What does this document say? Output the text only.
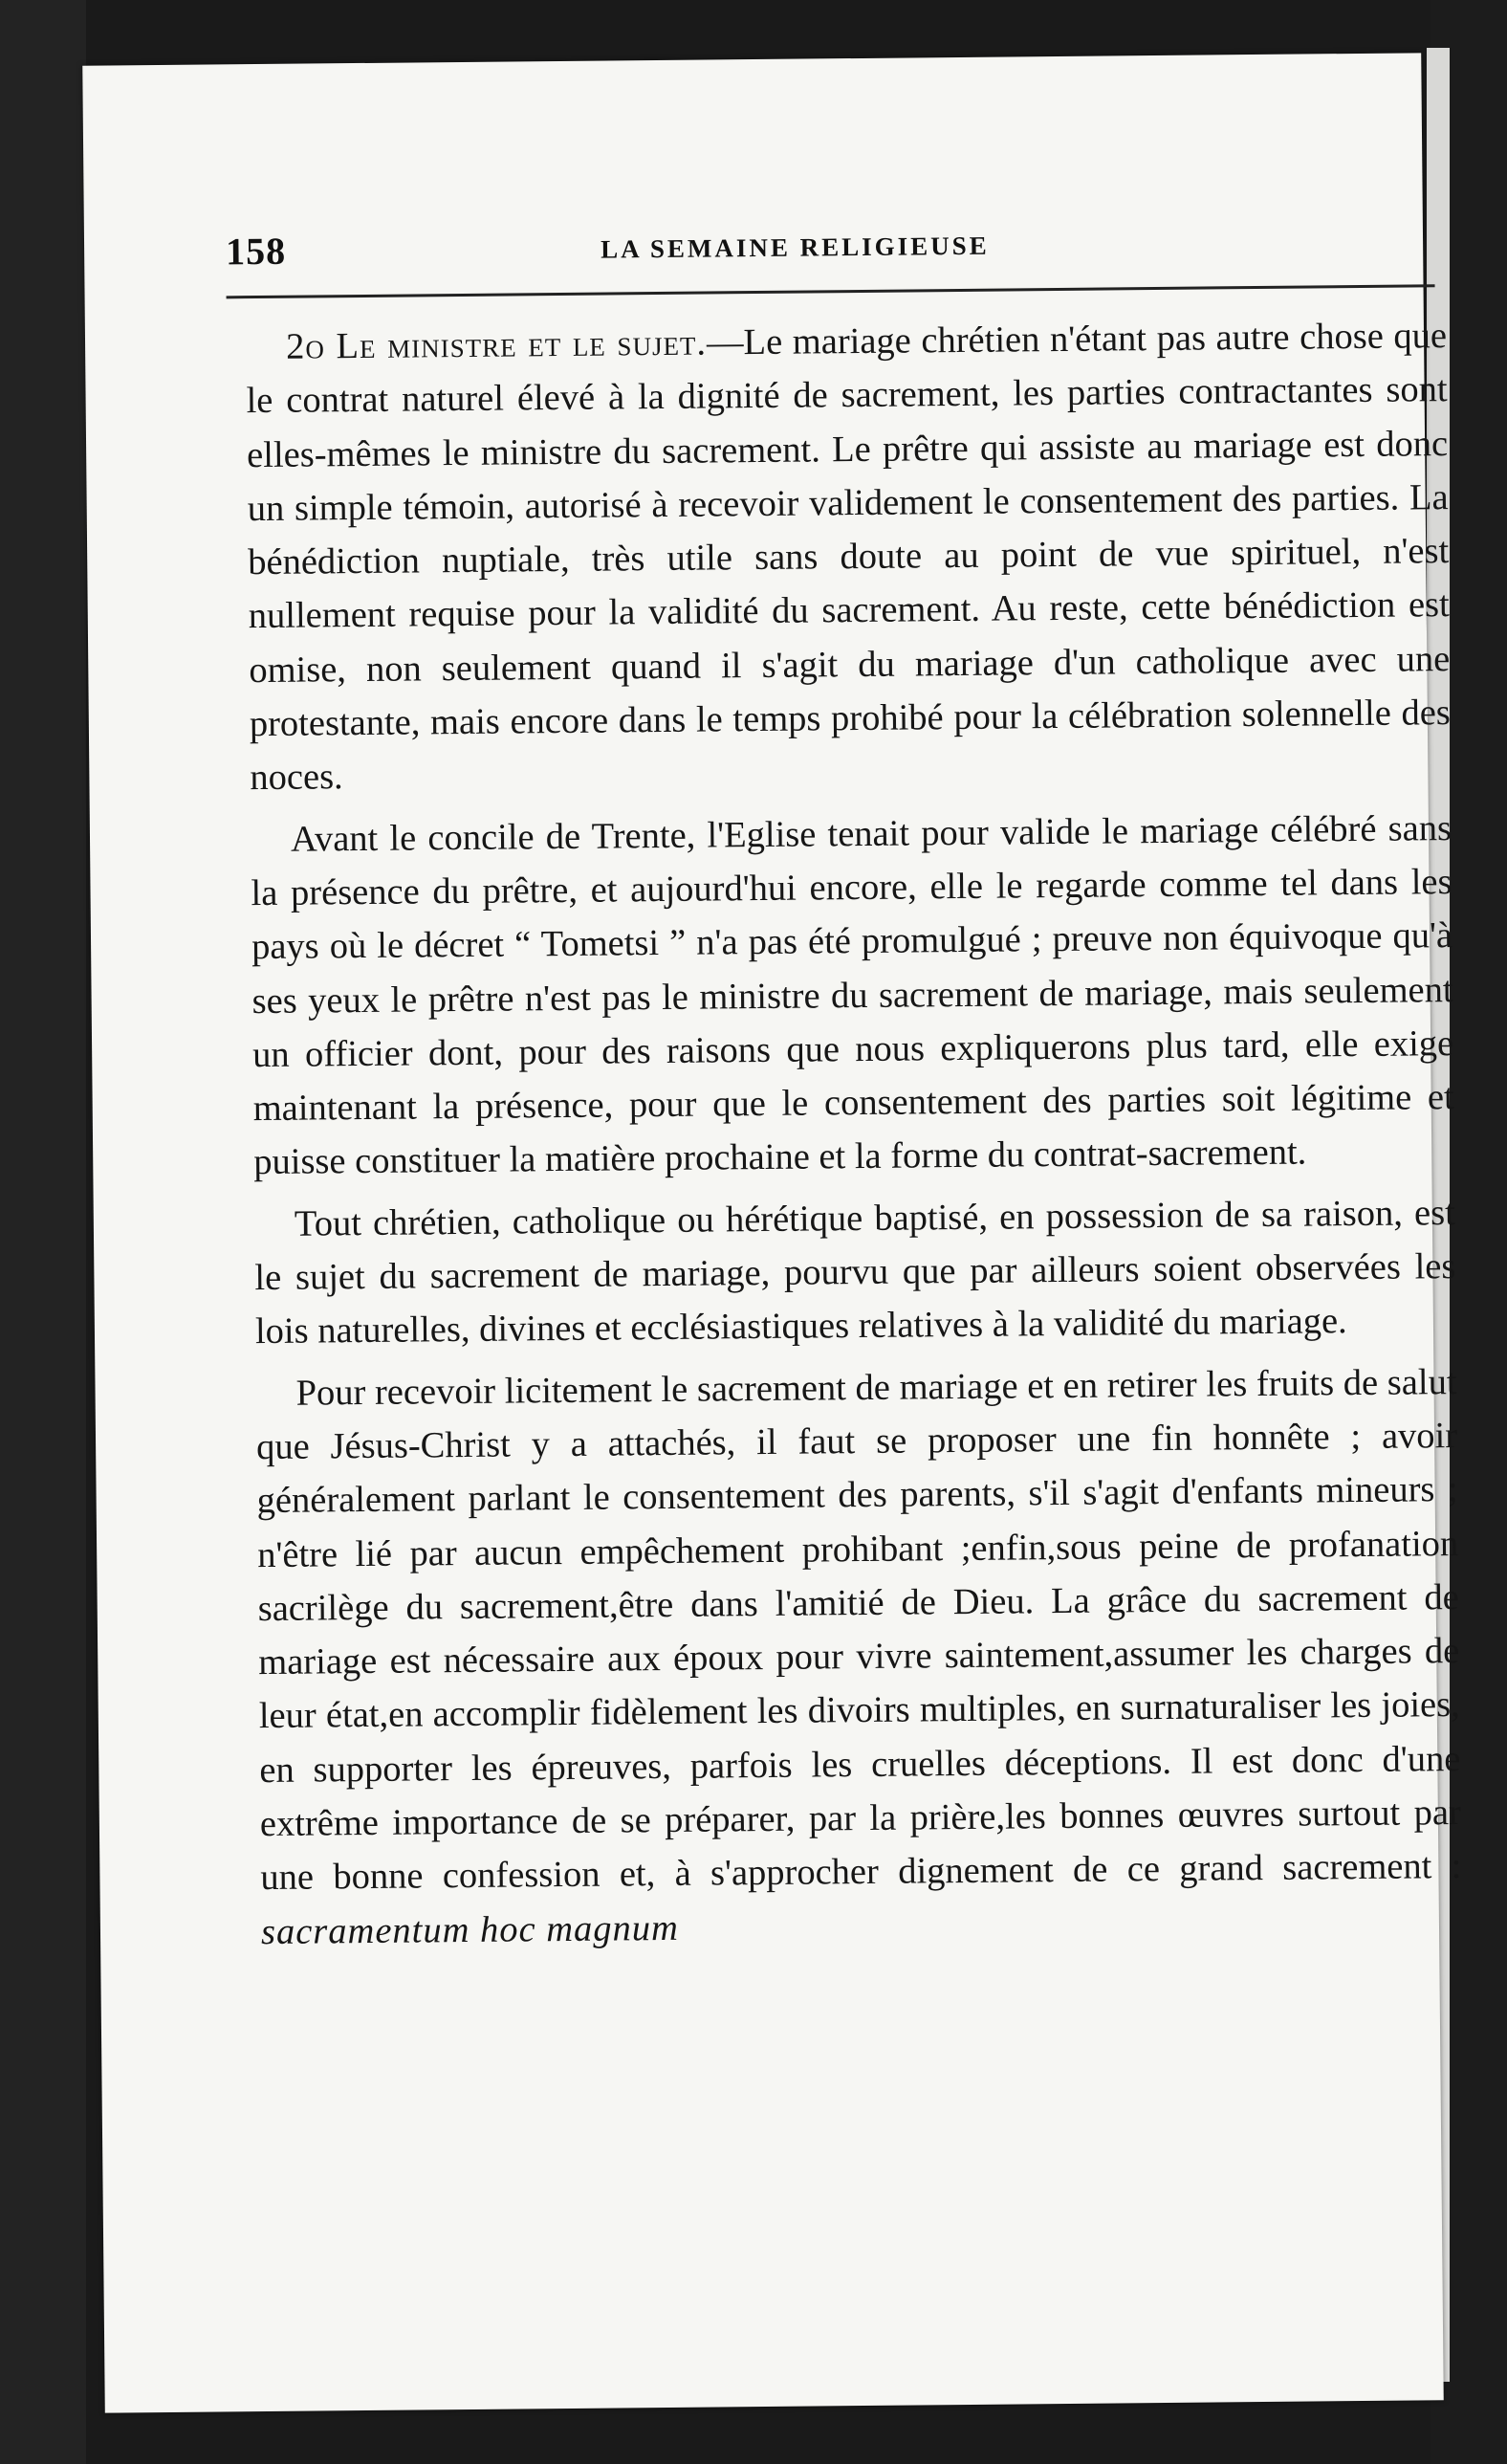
158	LA SEMAINE RELIGIEUSE

2o Le ministre et le sujet.—Le mariage chrétien n'étant pas autre chose que le contrat naturel élevé à la dignité de sacrement, les parties contractantes sont elles-mêmes le ministre du sacrement. Le prêtre qui assiste au mariage est donc un simple témoin, autorisé à recevoir validement le consentement des parties. La bénédiction nuptiale, très utile sans doute au point de vue spirituel, n'est nullement requise pour la validité du sacrement. Au reste, cette bénédiction est omise, non seulement quand il s'agit du mariage d'un catholique avec une protestante, mais encore dans le temps prohibé pour la célébration solennelle des noces.

Avant le concile de Trente, l'Eglise tenait pour valide le mariage célébré sans la présence du prêtre, et aujourd'hui encore, elle le regarde comme tel dans les pays où le décret “ Tometsi ” n'a pas été promulgué ; preuve non équivoque qu'à ses yeux le prêtre n'est pas le ministre du sacrement de mariage, mais seulement un officier dont, pour des raisons que nous expliquerons plus tard, elle exige maintenant la présence, pour que le consentement des parties soit légitime et puisse constituer la matière prochaine et la forme du contrat-sacrement.

Tout chrétien, catholique ou hérétique baptisé, en possession de sa raison, est le sujet du sacrement de mariage, pourvu que par ailleurs soient observées les lois naturelles, divines et ecclésiastiques relatives à la validité du mariage.

Pour recevoir licitement le sacrement de mariage et en retirer les fruits de salut que Jésus-Christ y a attachés, il faut se proposer une fin honnête ; avoir généralement parlant le consentement des parents, s'il s'agit d'enfants mineurs ; n'être lié par aucun empêchement prohibant ;enfin,sous peine de profanation sacrilège du sacrement,être dans l'amitié de Dieu. La grâce du sacrement de mariage est nécessaire aux époux pour vivre saintement,assumer les charges de leur état,en accomplir fidèlement les divoirs multiples, en surnaturaliser les joies, en supporter les épreuves, parfois les cruelles déceptions. Il est donc d'une extrême importance de se préparer, par la prière,les bonnes œuvres surtout par une bonne confession et, à s'approcher dignement de ce grand sacrement : sacramentum hoc magnum
